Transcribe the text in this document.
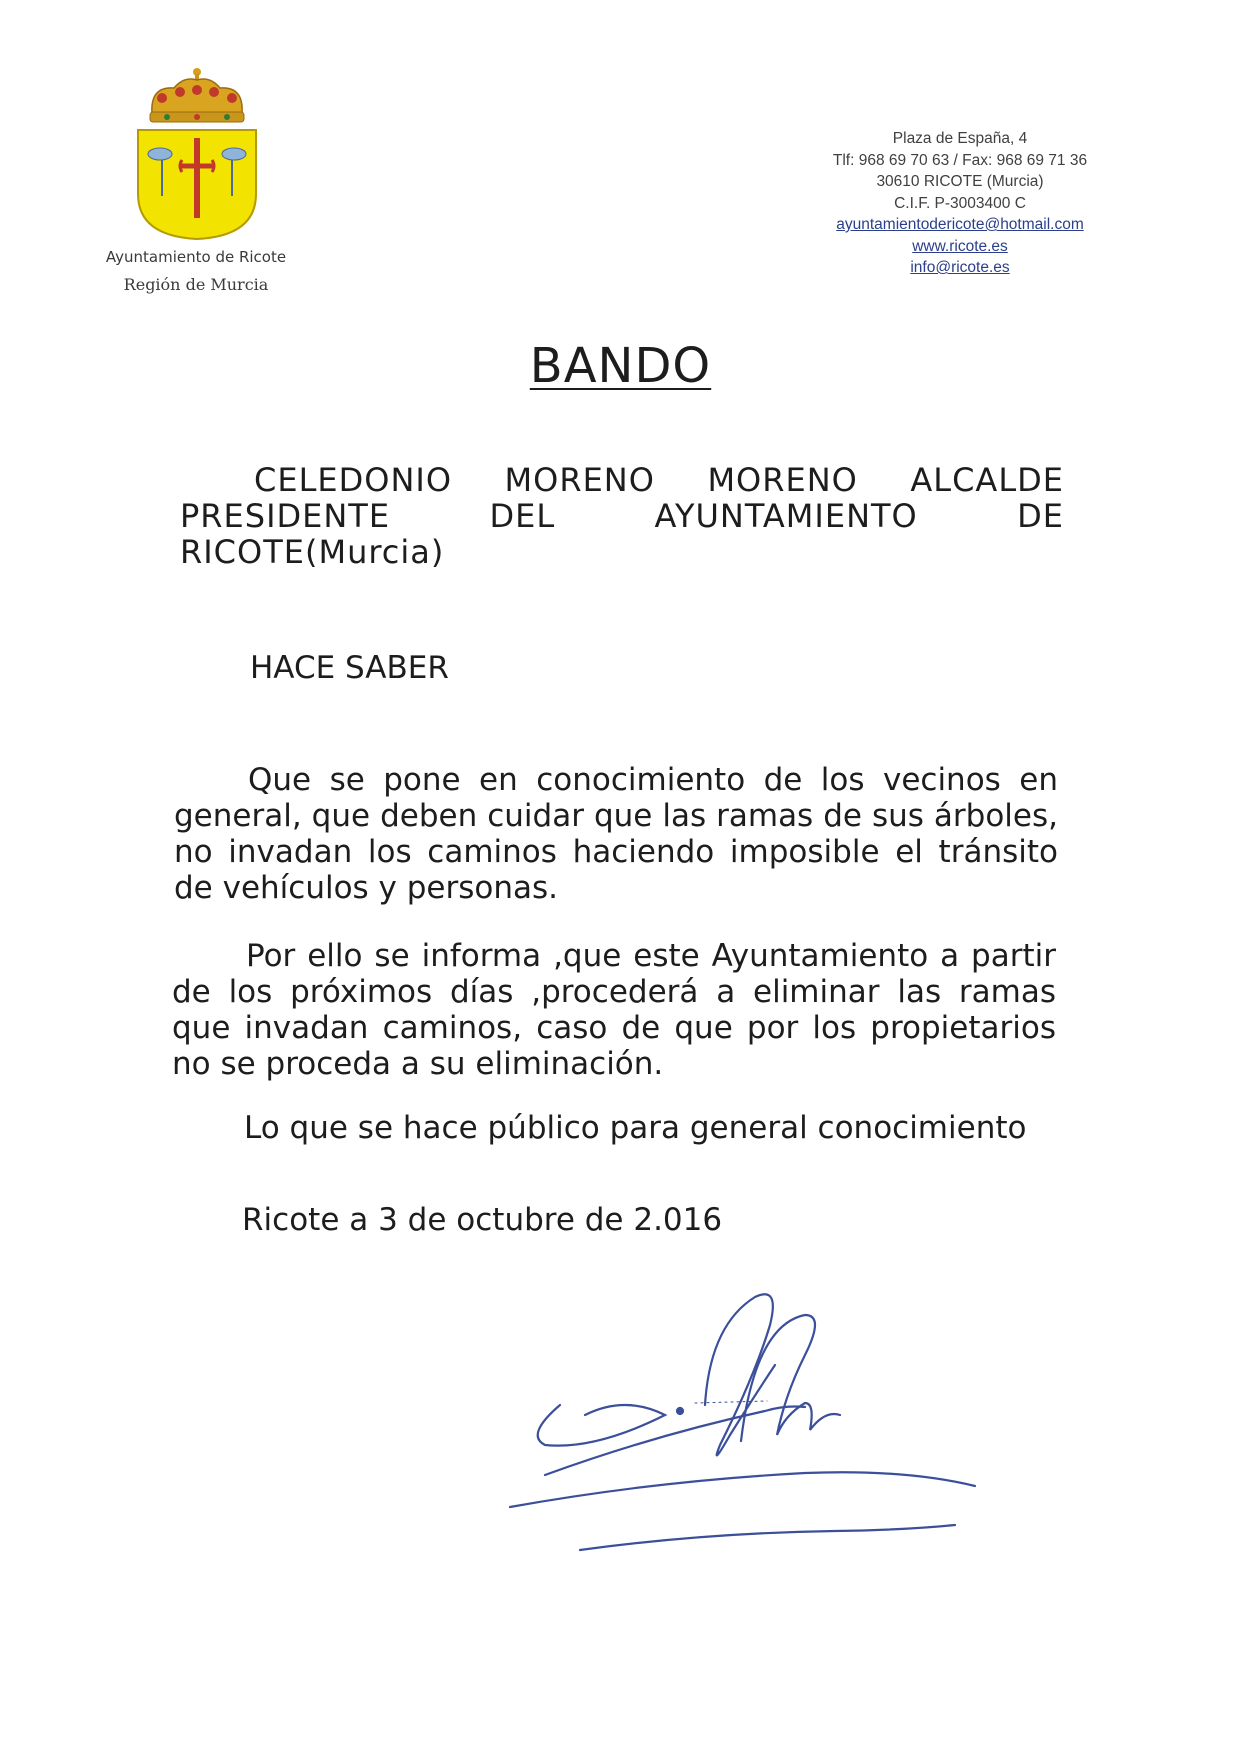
Ayuntamiento de Ricote
Región de Murcia
Plaza de España, 4
Tlf: 968 69 70 63 / Fax: 968 69 71 36
30610 RICOTE (Murcia)
C.I.F. P-3003400 C
ayuntamientodericote@hotmail.com
www.ricote.es
info@ricote.es
BANDO
CELEDONIO MORENO MORENO ALCALDE PRESIDENTE DEL AYUNTAMIENTO DE RICOTE(Murcia)
HACE SABER
Que se pone en conocimiento de los vecinos en general, que deben cuidar que las ramas de sus árboles, no invadan los caminos haciendo imposible el tránsito de vehículos y personas.
Por ello se informa ,que este Ayuntamiento a partir de los próximos días ,procederá a eliminar las ramas que invadan caminos, caso de que por los propietarios no se proceda a su eliminación.
Lo que se hace público para general conocimiento
Ricote a 3 de octubre de 2.016
